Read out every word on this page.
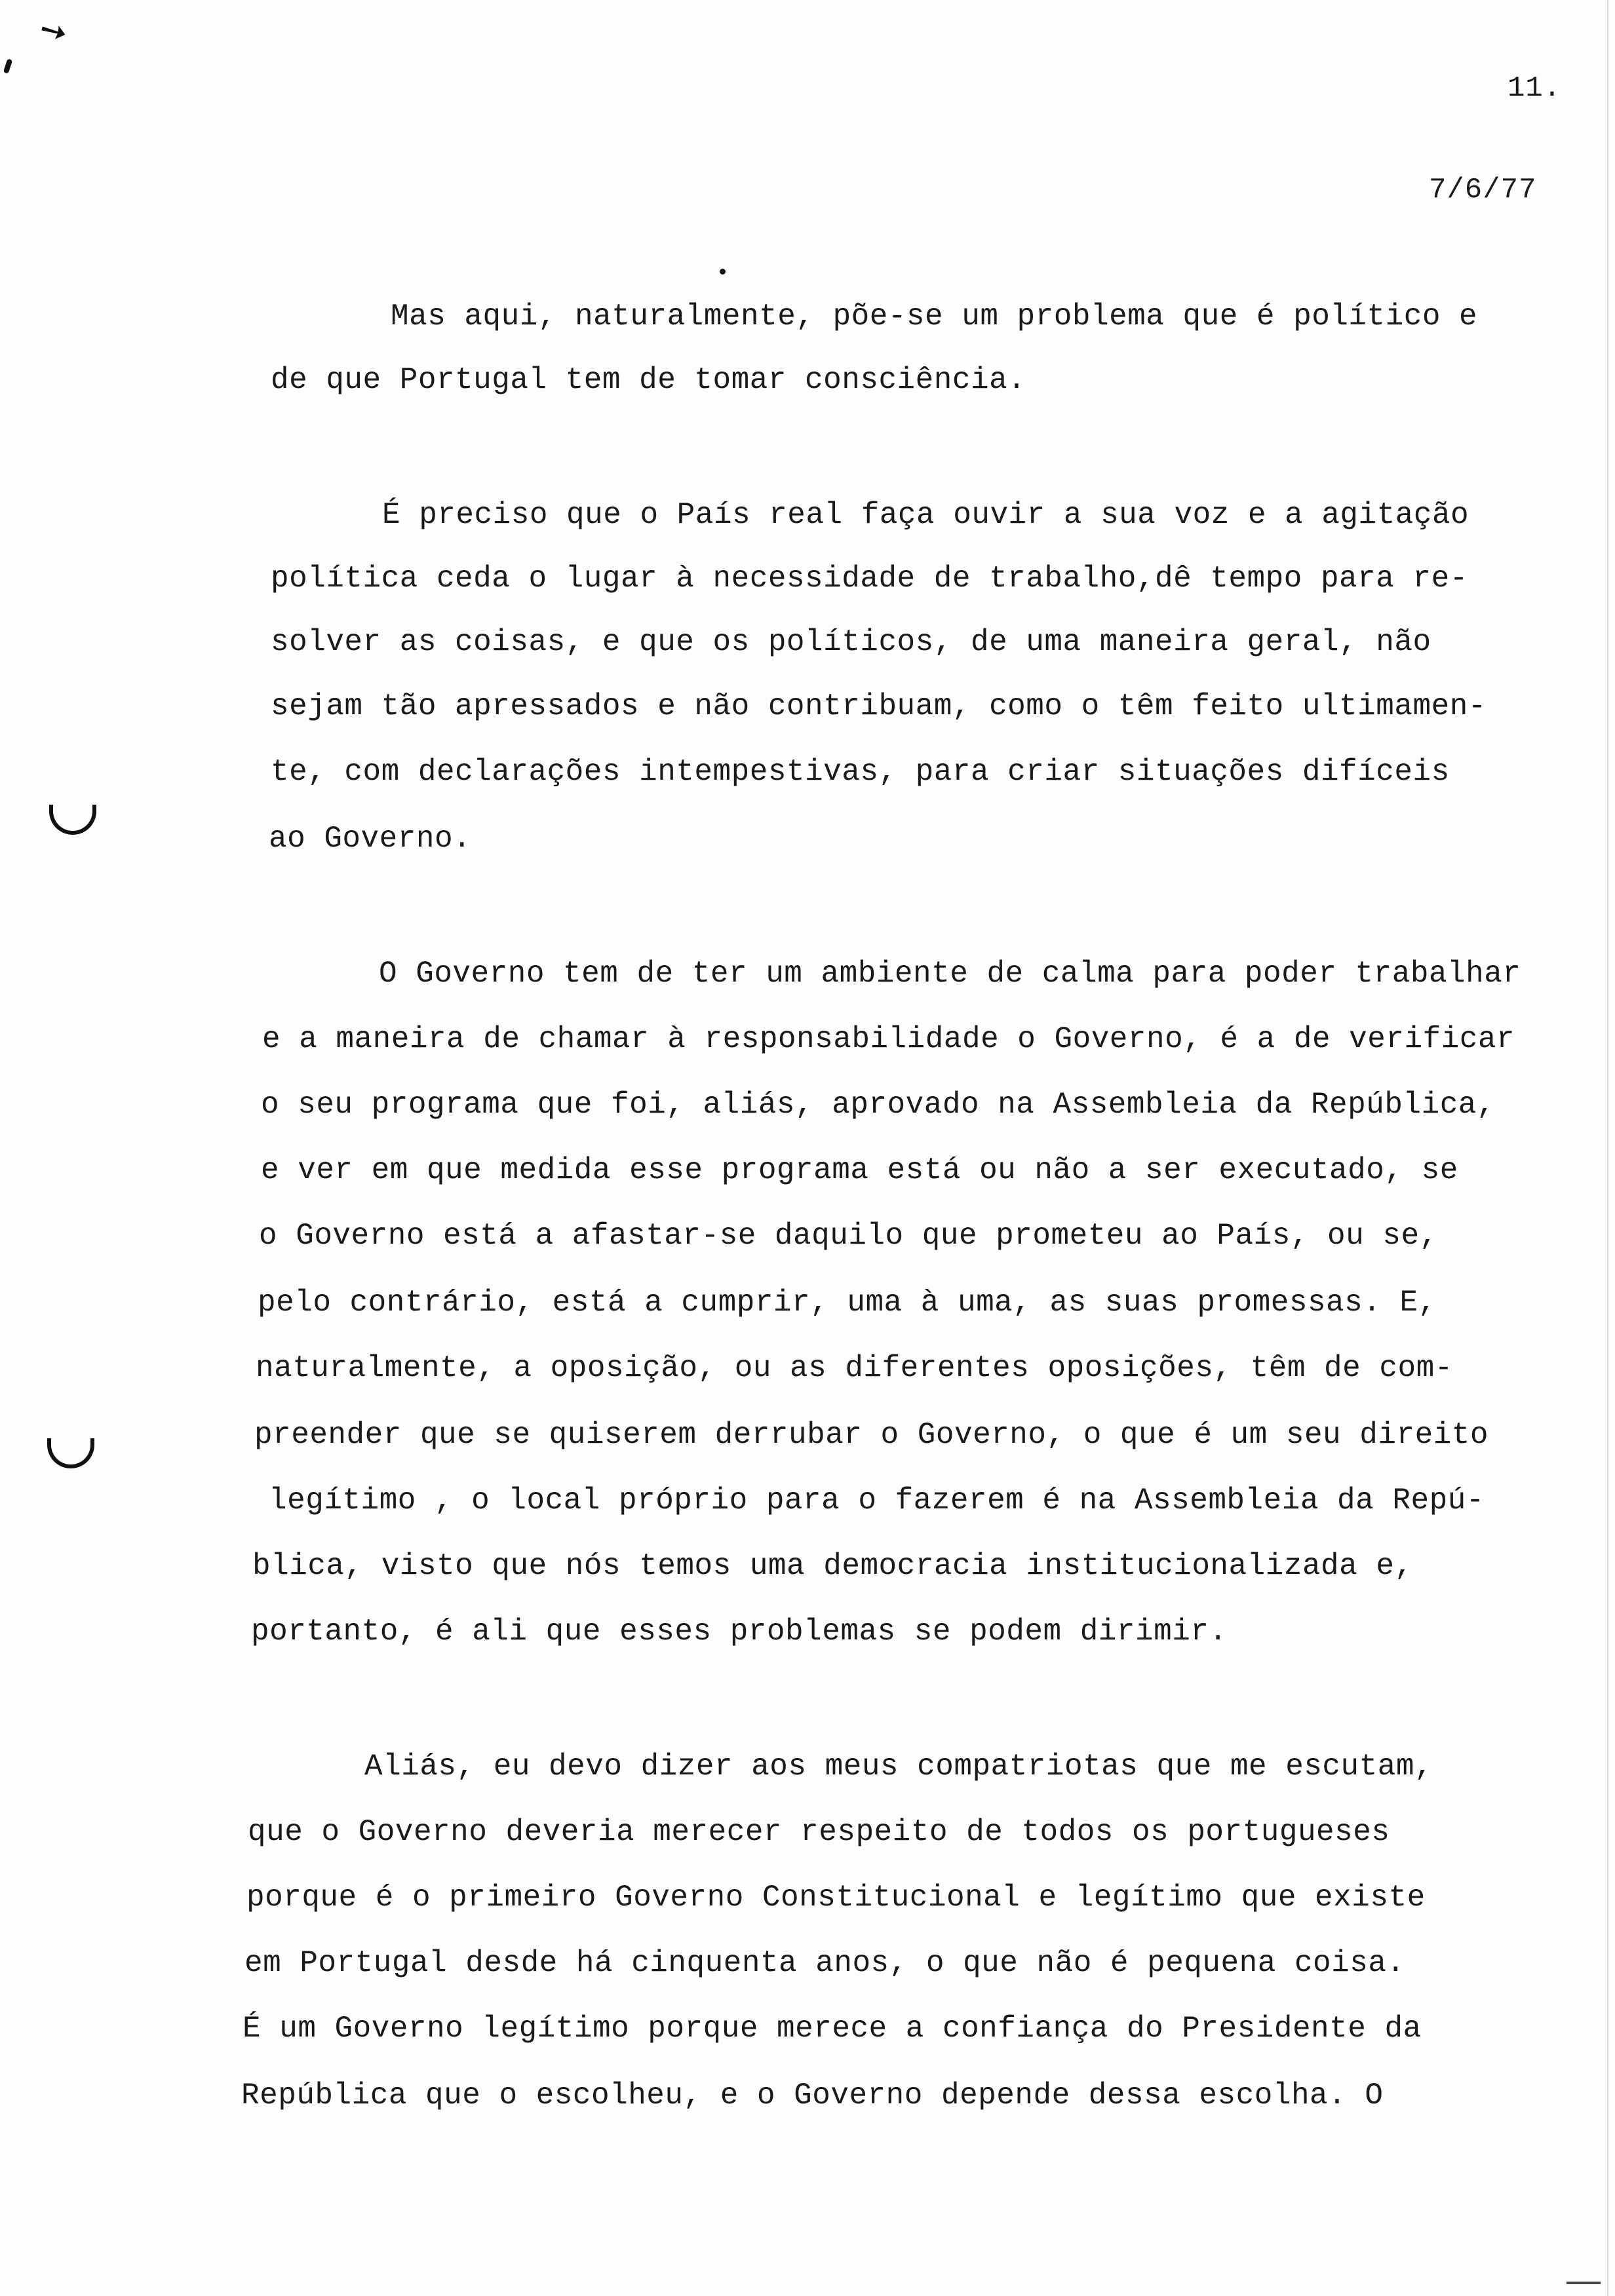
➘
11.
7/6/77
Mas aqui, naturalmente, põe-se um problema que é político e
de que Portugal tem de tomar consciência.
É preciso que o País real faça ouvir a sua voz e a agitação
política ceda o lugar à necessidade de trabalho,dê tempo para re-
solver as coisas, e que os políticos, de uma maneira geral, não
sejam tão apressados e não contribuam, como o têm feito ultimamen-
te, com declarações intempestivas, para criar situações difíceis
ao Governo.
O Governo tem de ter um ambiente de calma para poder trabalhar
e a maneira de chamar à responsabilidade o Governo, é a de verificar
o seu programa que foi, aliás, aprovado na Assembleia da República,
e ver em que medida esse programa está ou não a ser executado, se
o Governo está a afastar-se daquilo que prometeu ao País, ou se,
pelo contrário, está a cumprir, uma à uma, as suas promessas. E,
naturalmente, a oposição, ou as diferentes oposições, têm de com-
preender que se quiserem derrubar o Governo, o que é um seu direito
legítimo , o local próprio para o fazerem é na Assembleia da Repú-
blica, visto que nós temos uma democracia institucionalizada e,
portanto, é ali que esses problemas se podem dirimir.
Aliás, eu devo dizer aos meus compatriotas que me escutam,
que o Governo deveria merecer respeito de todos os portugueses
porque é o primeiro Governo Constitucional e legítimo que existe
em Portugal desde há cinquenta anos, o que não é pequena coisa.
É um Governo legítimo porque merece a confiança do Presidente da
República que o escolheu, e o Governo depende dessa escolha. O
